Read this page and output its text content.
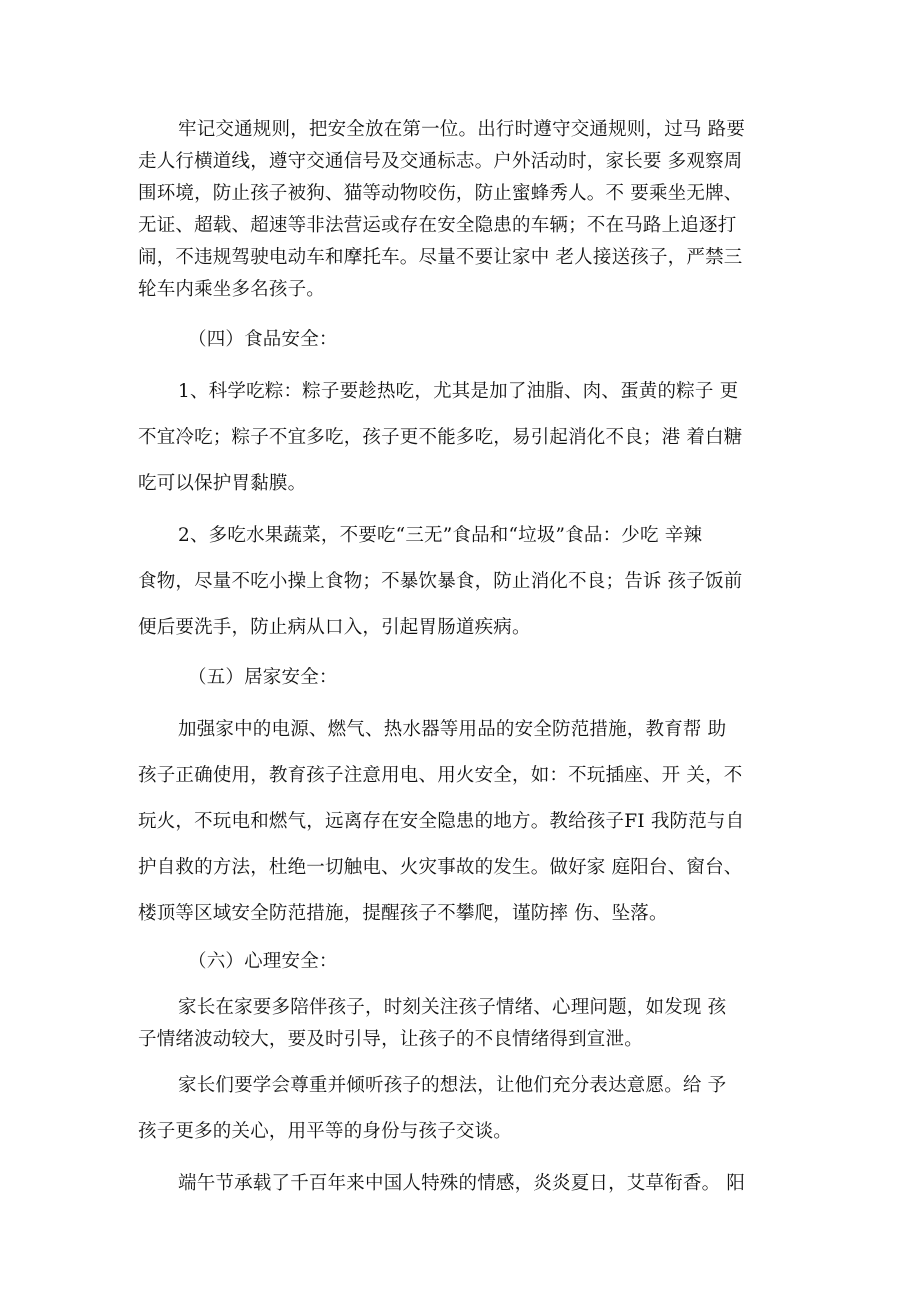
牢记交通规则，把安全放在第一位。出行时遵守交通规则，过马 路要
走人行横道线，遵守交通信号及交通标志。户外活动时，家长要 多观察周
围环境，防止孩子被狗、猫等动物咬伤，防止蜜蜂秀人。不 要乘坐无牌、
无证、超载、超速等非法营运或存在安全隐患的车辆；不在马路上追逐打
闹，不违规驾驶电动车和摩托车。尽量不要让家中 老人接送孩子，严禁三
轮车内乘坐多名孩子。
（四）食品安全：
1、科学吃粽：粽子要趁热吃，尤其是加了油脂、肉、蛋黄的粽子 更
不宜冷吃；粽子不宜多吃，孩子更不能多吃，易引起消化不良；港 着白糖
吃可以保护胃黏膜。
2、多吃水果蔬菜，不要吃“三无”食品和“垃圾”食品：少吃 辛辣
食物，尽量不吃小操上食物；不暴饮暴食，防止消化不良；告诉 孩子饭前
便后要洗手，防止病从口入，引起胃肠道疾病。
（五）居家安全：
加强家中的电源、燃气、热水器等用品的安全防范措施，教育帮 助
孩子正确使用，教育孩子注意用电、用火安全，如：不玩插座、开 关，不
玩火，不玩电和燃气，远离存在安全隐患的地方。教给孩子FI 我防范与自
护自救的方法，杜绝一切触电、火灾事故的发生。做好家 庭阳台、窗台、
楼顶等区域安全防范措施，提醒孩子不攀爬，谨防摔 伤、坠落。
（六）心理安全：
家长在家要多陪伴孩子，时刻关注孩子情绪、心理问题，如发现 孩
子情绪波动较大，要及时引导，让孩子的不良情绪得到宣泄。
家长们要学会尊重并倾听孩子的想法，让他们充分表达意愿。给 予
孩子更多的关心，用平等的身份与孩子交谈。
端午节承载了千百年来中国人特殊的情感，炎炎夏日，艾草衔香。 阳
